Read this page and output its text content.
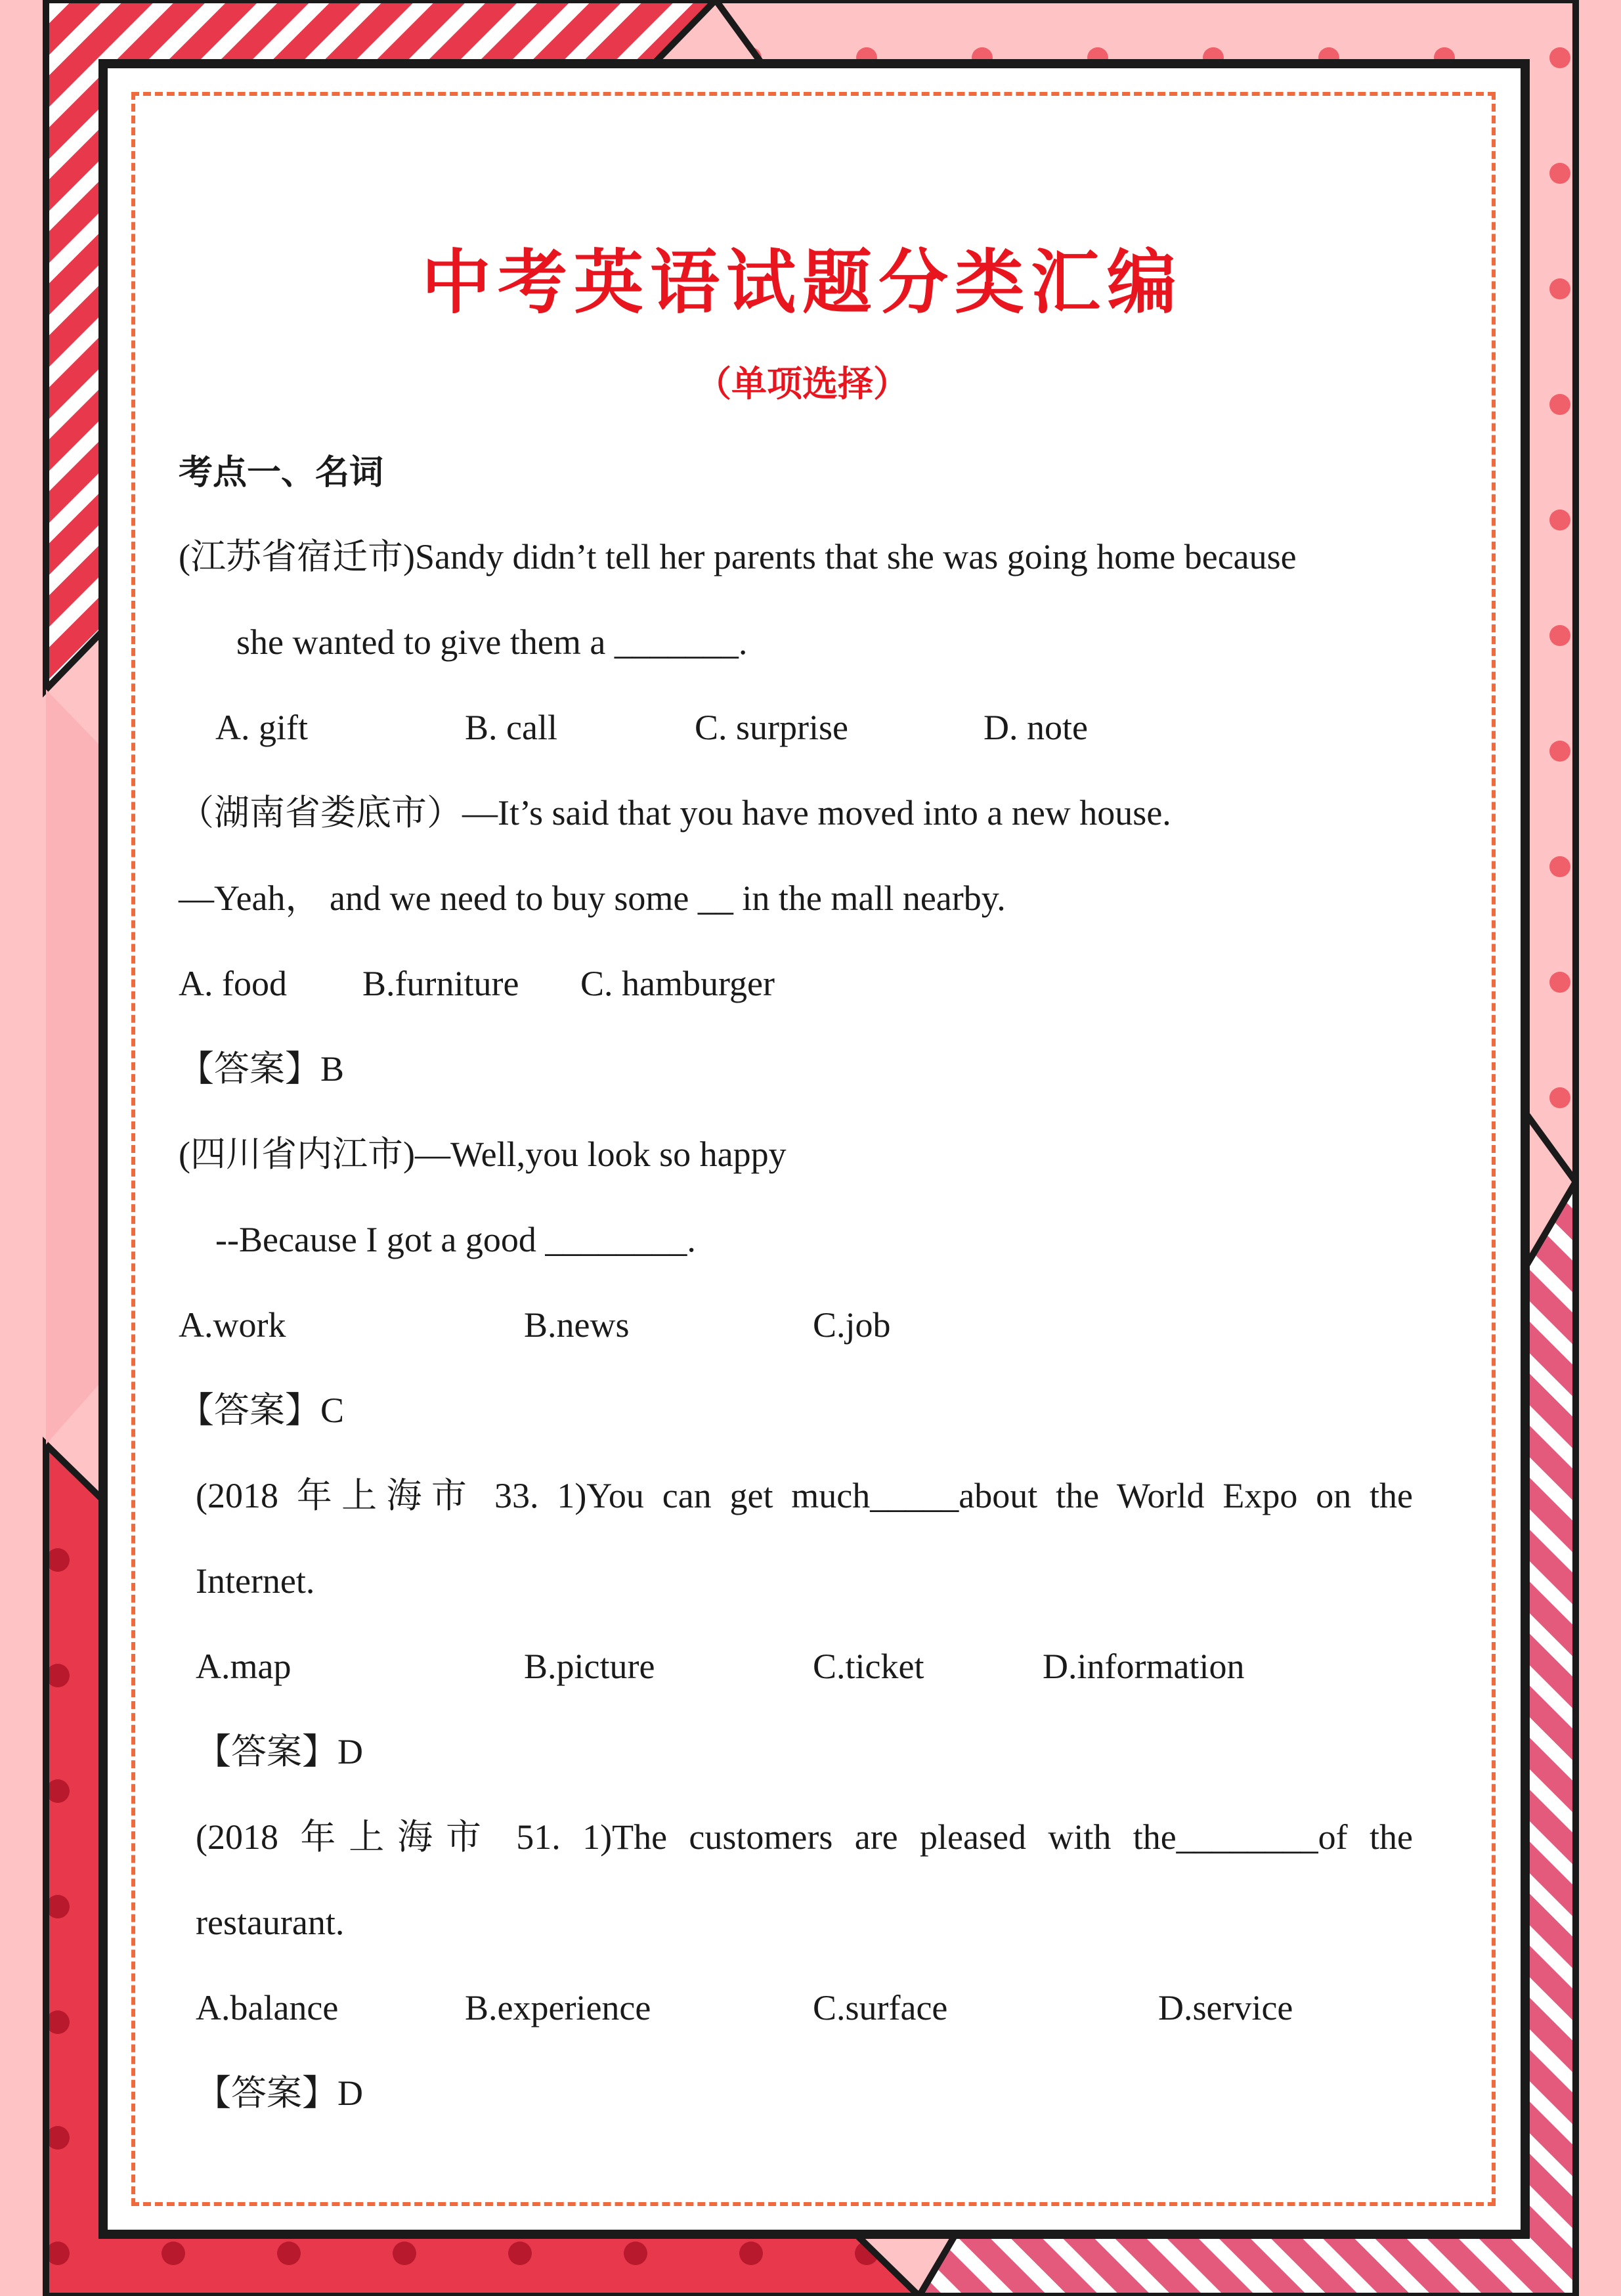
中考英语试题分类汇编
（单项选择）
考点一、名词
(江苏省宿迁市)Sandy didn’t tell her parents that she was going home because
she wanted to give them a _______.
A. gift	B. call	C. surprise	D. note
（湖南省娄底市）—It’s said that you have moved into a new house.
—Yeah， and we need to buy some __ in the mall nearby.
A. food B.furniture C. hamburger
【答案】B
(四川省内江市)—Well,you look so happy
--Because I got a good ________.
A.work	B.news	C.job
【答案】C
(2018 年上海市 33. 1)You can get much_____about the World Expo on the
Internet.
A.map	B.picture	C.ticket	D.information
【答案】D
(2018 年上海市 51. 1)The customers are pleased with the________of the
restaurant.
A.balance	B.experience	C.surface	D.service
【答案】D
